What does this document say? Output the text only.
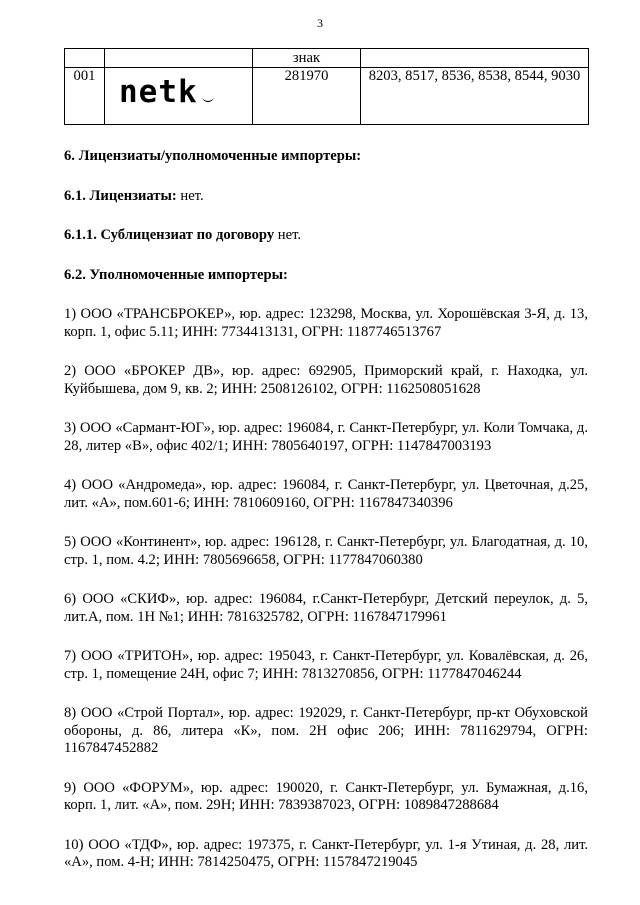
3
		знак	
001	netk	281970	8203, 8517, 8536, 8538, 8544, 9030
6. Лицензиаты/уполномоченные импортеры:
6.1. Лицензиаты: нет.
6.1.1. Сублицензиат по договору нет.
6.2. Уполномоченные импортеры:
1) ООО «ТРАНСБРОКЕР», юр. адрес: 123298, Москва, ул. Хорошёвская 3-Я, д. 13, корп. 1, офис 5.11; ИНН: 7734413131, ОГРН: 1187746513767
2) ООО «БРОКЕР ДВ», юр. адрес: 692905, Приморский край, г. Находка, ул. Куйбышева, дом 9, кв. 2; ИНН: 2508126102, ОГРН: 1162508051628
3) ООО «Сармант-ЮГ», юр. адрес: 196084, г. Санкт-Петербург, ул. Коли Томчака, д. 28, литер «В», офис 402/1; ИНН: 7805640197, ОГРН: 1147847003193
4) ООО «Андромеда», юр. адрес: 196084, г. Санкт-Петербург, ул. Цветочная, д.25, лит. «А», пом.601-6; ИНН: 7810609160, ОГРН: 1167847340396
5) ООО «Континент», юр. адрес: 196128, г. Санкт-Петербург, ул. Благодатная, д. 10, стр. 1, пом. 4.2; ИНН: 7805696658, ОГРН: 1177847060380
6) ООО «СКИФ», юр. адрес: 196084, г.Санкт-Петербург, Детский переулок, д. 5, лит.А, пом. 1Н №1; ИНН: 7816325782, ОГРН: 1167847179961
7) ООО «ТРИТОН», юр. адрес: 195043, г. Санкт-Петербург, ул. Ковалёвская, д. 26, стр. 1, помещение 24Н, офис 7; ИНН: 7813270856, ОГРН: 1177847046244
8) ООО «Строй Портал», юр. адрес: 192029, г. Санкт-Петербург, пр-кт Обуховской обороны, д. 86, литера «К», пом. 2Н офис 206; ИНН: 7811629794, ОГРН: 1167847452882
9) ООО «ФОРУМ», юр. адрес: 190020, г. Санкт-Петербург, ул. Бумажная, д.16, корп. 1, лит. «А», пом. 29Н; ИНН: 7839387023, ОГРН: 1089847288684
10) ООО «ТДФ», юр. адрес: 197375, г. Санкт-Петербург, ул. 1-я Утиная, д. 28, лит. «А», пом. 4-Н; ИНН: 7814250475, ОГРН: 1157847219045
